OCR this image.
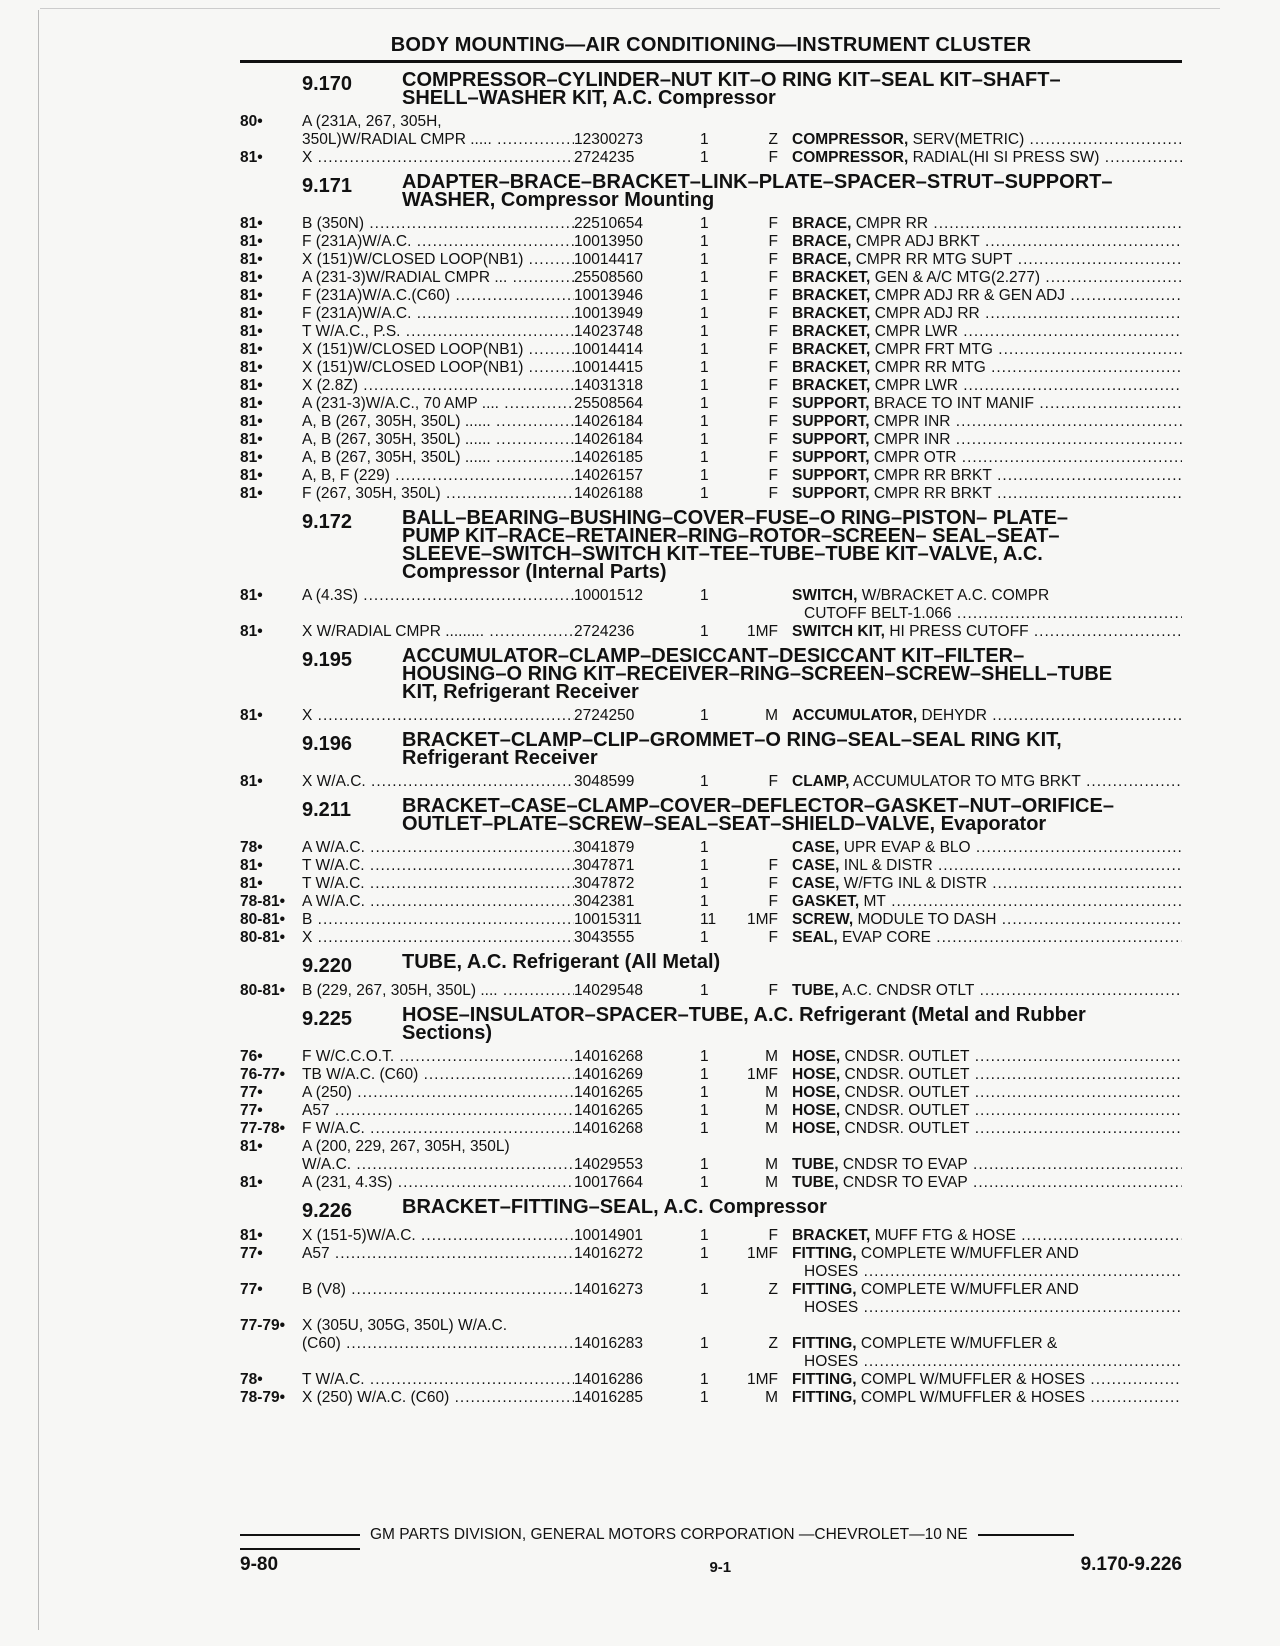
BODY MOUNTING—AIR CONDITIONING—INSTRUMENT CLUSTER
9.170	COMPRESSOR–CYLINDER–NUT KIT–O RING KIT–SEAL KIT–SHAFT–
SHELL–WASHER KIT, A.C. Compressor
80•	A (231A, 267, 305H,
350L)W/RADIAL CMPR ..... .....	12300273	1	Z COMPRESSOR, SERV(METRIC) .....
81•	X .....	2724235	1	F COMPRESSOR, RADIAL(HI SI PRESS SW) .....
9.171	ADAPTER–BRACE–BRACKET–LINK–PLATE–SPACER–STRUT–SUPPORT–
WASHER, Compressor Mounting
81•	B (350N) .....	22510654	1	F BRACE, CMPR RR .....
81•	F (231A)W/A.C. .....	10013950	1	F BRACE, CMPR ADJ BRKT .....
81•	X (151)W/CLOSED LOOP(NB1) .....	10014417	1	F BRACE, CMPR RR MTG SUPT .....
81•	A (231-3)W/RADIAL CMPR ... .....	25508560	1	F BRACKET, GEN & A/C MTG(2.277) .....
81•	F (231A)W/A.C.(C60) .....	10013946	1	F BRACKET, CMPR ADJ RR & GEN ADJ .....
81•	F (231A)W/A.C. .....	10013949	1	F BRACKET, CMPR ADJ RR .....
81•	T W/A.C., P.S. .....	14023748	1	F BRACKET, CMPR LWR .....
81•	X (151)W/CLOSED LOOP(NB1) .....	10014414	1	F BRACKET, CMPR FRT MTG .....
81•	X (151)W/CLOSED LOOP(NB1) .....	10014415	1	F BRACKET, CMPR RR MTG .....
81•	X (2.8Z) .....	14031318	1	F BRACKET, CMPR LWR .....
81•	A (231-3)W/A.C., 70 AMP .... .....	25508564	1	F SUPPORT, BRACE TO INT MANIF .....
81•	A, B (267, 305H, 350L) ...... .....	14026184	1	F SUPPORT, CMPR INR .....
81•	A, B (267, 305H, 350L) ...... .....	14026184	1	F SUPPORT, CMPR INR .....
81•	A, B (267, 305H, 350L) ...... .....	14026185	1	F SUPPORT, CMPR OTR .....
81•	A, B, F (229) .....	14026157	1	F SUPPORT, CMPR RR BRKT .....
81•	F (267, 305H, 350L) .....	14026188	1	F SUPPORT, CMPR RR BRKT .....
9.172	BALL–BEARING–BUSHING–COVER–FUSE–O RING–PISTON– PLATE–
PUMP KIT–RACE–RETAINER–RING–ROTOR–SCREEN– SEAL–SEAT–
SLEEVE–SWITCH–SWITCH KIT–TEE–TUBE–TUBE KIT–VALVE, A.C.
Compressor (Internal Parts)
81•	A (4.3S) .....	10001512	1	SWITCH, W/BRACKET A.C. COMPR
CUTOFF BELT-1.066 .....
81•	X W/RADIAL CMPR ......... .....	2724236	1	1MF SWITCH KIT, HI PRESS CUTOFF .....
9.195	ACCUMULATOR–CLAMP–DESICCANT–DESICCANT KIT–FILTER–
HOUSING–O RING KIT–RECEIVER–RING–SCREEN–SCREW–SHELL–TUBE
KIT, Refrigerant Receiver
81•	X .....	2724250	1	M ACCUMULATOR, DEHYDR .....
9.196	BRACKET–CLAMP–CLIP–GROMMET–O RING–SEAL–SEAL RING KIT,
Refrigerant Receiver
81•	X W/A.C. .....	3048599	1	F CLAMP, ACCUMULATOR TO MTG BRKT .....
9.211	BRACKET–CASE–CLAMP–COVER–DEFLECTOR–GASKET–NUT–ORIFICE–
OUTLET–PLATE–SCREW–SEAL–SEAT–SHIELD–VALVE, Evaporator
78•	A W/A.C. .....	3041879	1	CASE, UPR EVAP & BLO .....
81•	T W/A.C. .....	3047871	1	F CASE, INL & DISTR .....
81•	T W/A.C. .....	3047872	1	F CASE, W/FTG INL & DISTR .....
78-81•	A W/A.C. .....	3042381	1	F GASKET, MT .....
80-81•	B .....	10015311	11	1MF SCREW, MODULE TO DASH .....
80-81•	X .....	3043555	1	F SEAL, EVAP CORE .....
9.220	TUBE, A.C. Refrigerant (All Metal)
80-81•	B (229, 267, 305H, 350L) .... .....	14029548	1	F TUBE, A.C. CNDSR OTLT .....
9.225	HOSE–INSULATOR–SPACER–TUBE, A.C. Refrigerant (Metal and Rubber
Sections)
76•	F W/C.C.O.T. .....	14016268	1	M HOSE, CNDSR. OUTLET .....
76-77•	TB W/A.C. (C60) .....	14016269	1	1MF HOSE, CNDSR. OUTLET .....
77•	A (250) .....	14016265	1	M HOSE, CNDSR. OUTLET .....
77•	A57 .....	14016265	1	M HOSE, CNDSR. OUTLET .....
77-78•	F W/A.C. .....	14016268	1	M HOSE, CNDSR. OUTLET .....
81•	A (200, 229, 267, 305H, 350L)
W/A.C. .....	14029553	1	M TUBE, CNDSR TO EVAP .....
81•	A (231, 4.3S) .....	10017664	1	M TUBE, CNDSR TO EVAP .....
9.226	BRACKET–FITTING–SEAL, A.C. Compressor
81•	X (151-5)W/A.C. .....	10014901	1	F BRACKET, MUFF FTG & HOSE .....
77•	A57 .....	14016272	1	1MF FITTING, COMPLETE W/MUFFLER AND
HOSES .....
77•	B (V8) .....	14016273	1	Z FITTING, COMPLETE W/MUFFLER AND
HOSES .....
77-79•	X (305U, 305G, 350L) W/A.C.
(C60) .....	14016283	1	Z FITTING, COMPLETE W/MUFFLER &
HOSES .....
78•	T W/A.C. .....	14016286	1	1MF FITTING, COMPL W/MUFFLER & HOSES .....
78-79•	X (250) W/A.C. (C60) .....	14016285	1	M FITTING, COMPL W/MUFFLER & HOSES .....
GM PARTS DIVISION, GENERAL MOTORS CORPORATION —CHEVROLET—10 NE
9-80	9-1	9.170-9.226
